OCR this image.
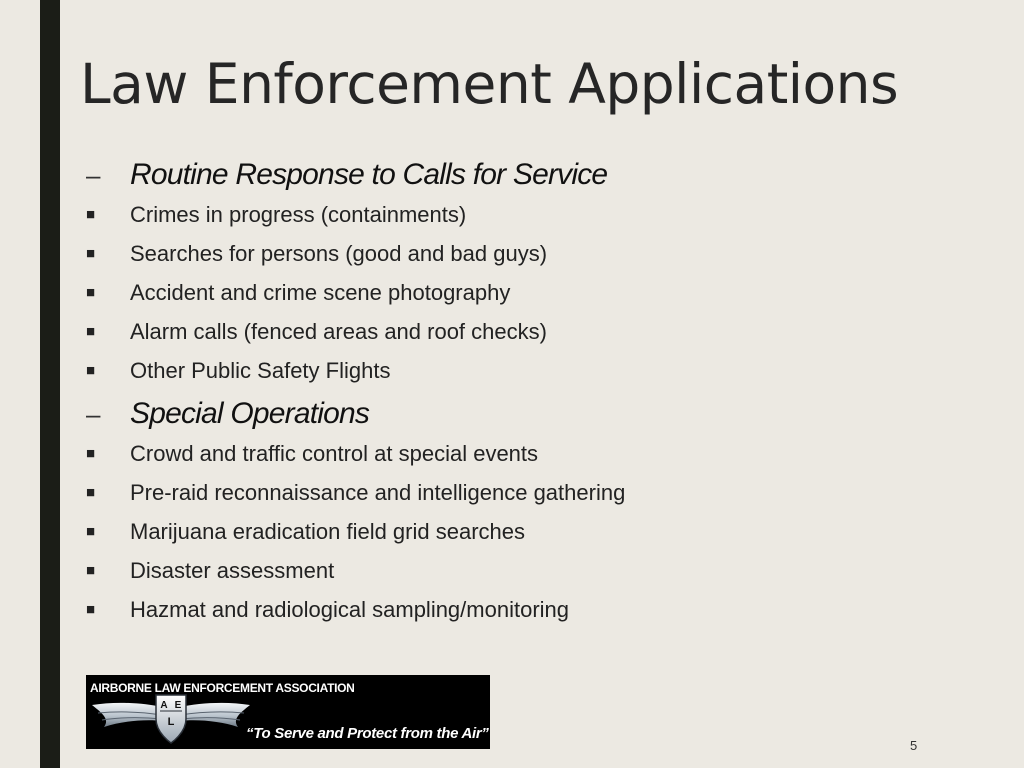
Law Enforcement Applications
– Routine Response to Calls for Service
■ Crimes in progress (containments)
■ Searches for persons (good and bad guys)
■ Accident and crime scene photography
■ Alarm calls (fenced areas and roof checks)
■ Other Public Safety Flights
– Special Operations
■ Crowd and traffic control at special events
■ Pre-raid reconnaissance and intelligence gathering
■ Marijuana eradication field grid searches
■ Disaster assessment
■ Hazmat and radiological sampling/monitoring
AIRBORNE LAW ENFORCEMENT ASSOCIATION
A E
L
“To Serve and Protect from the Air”
5
